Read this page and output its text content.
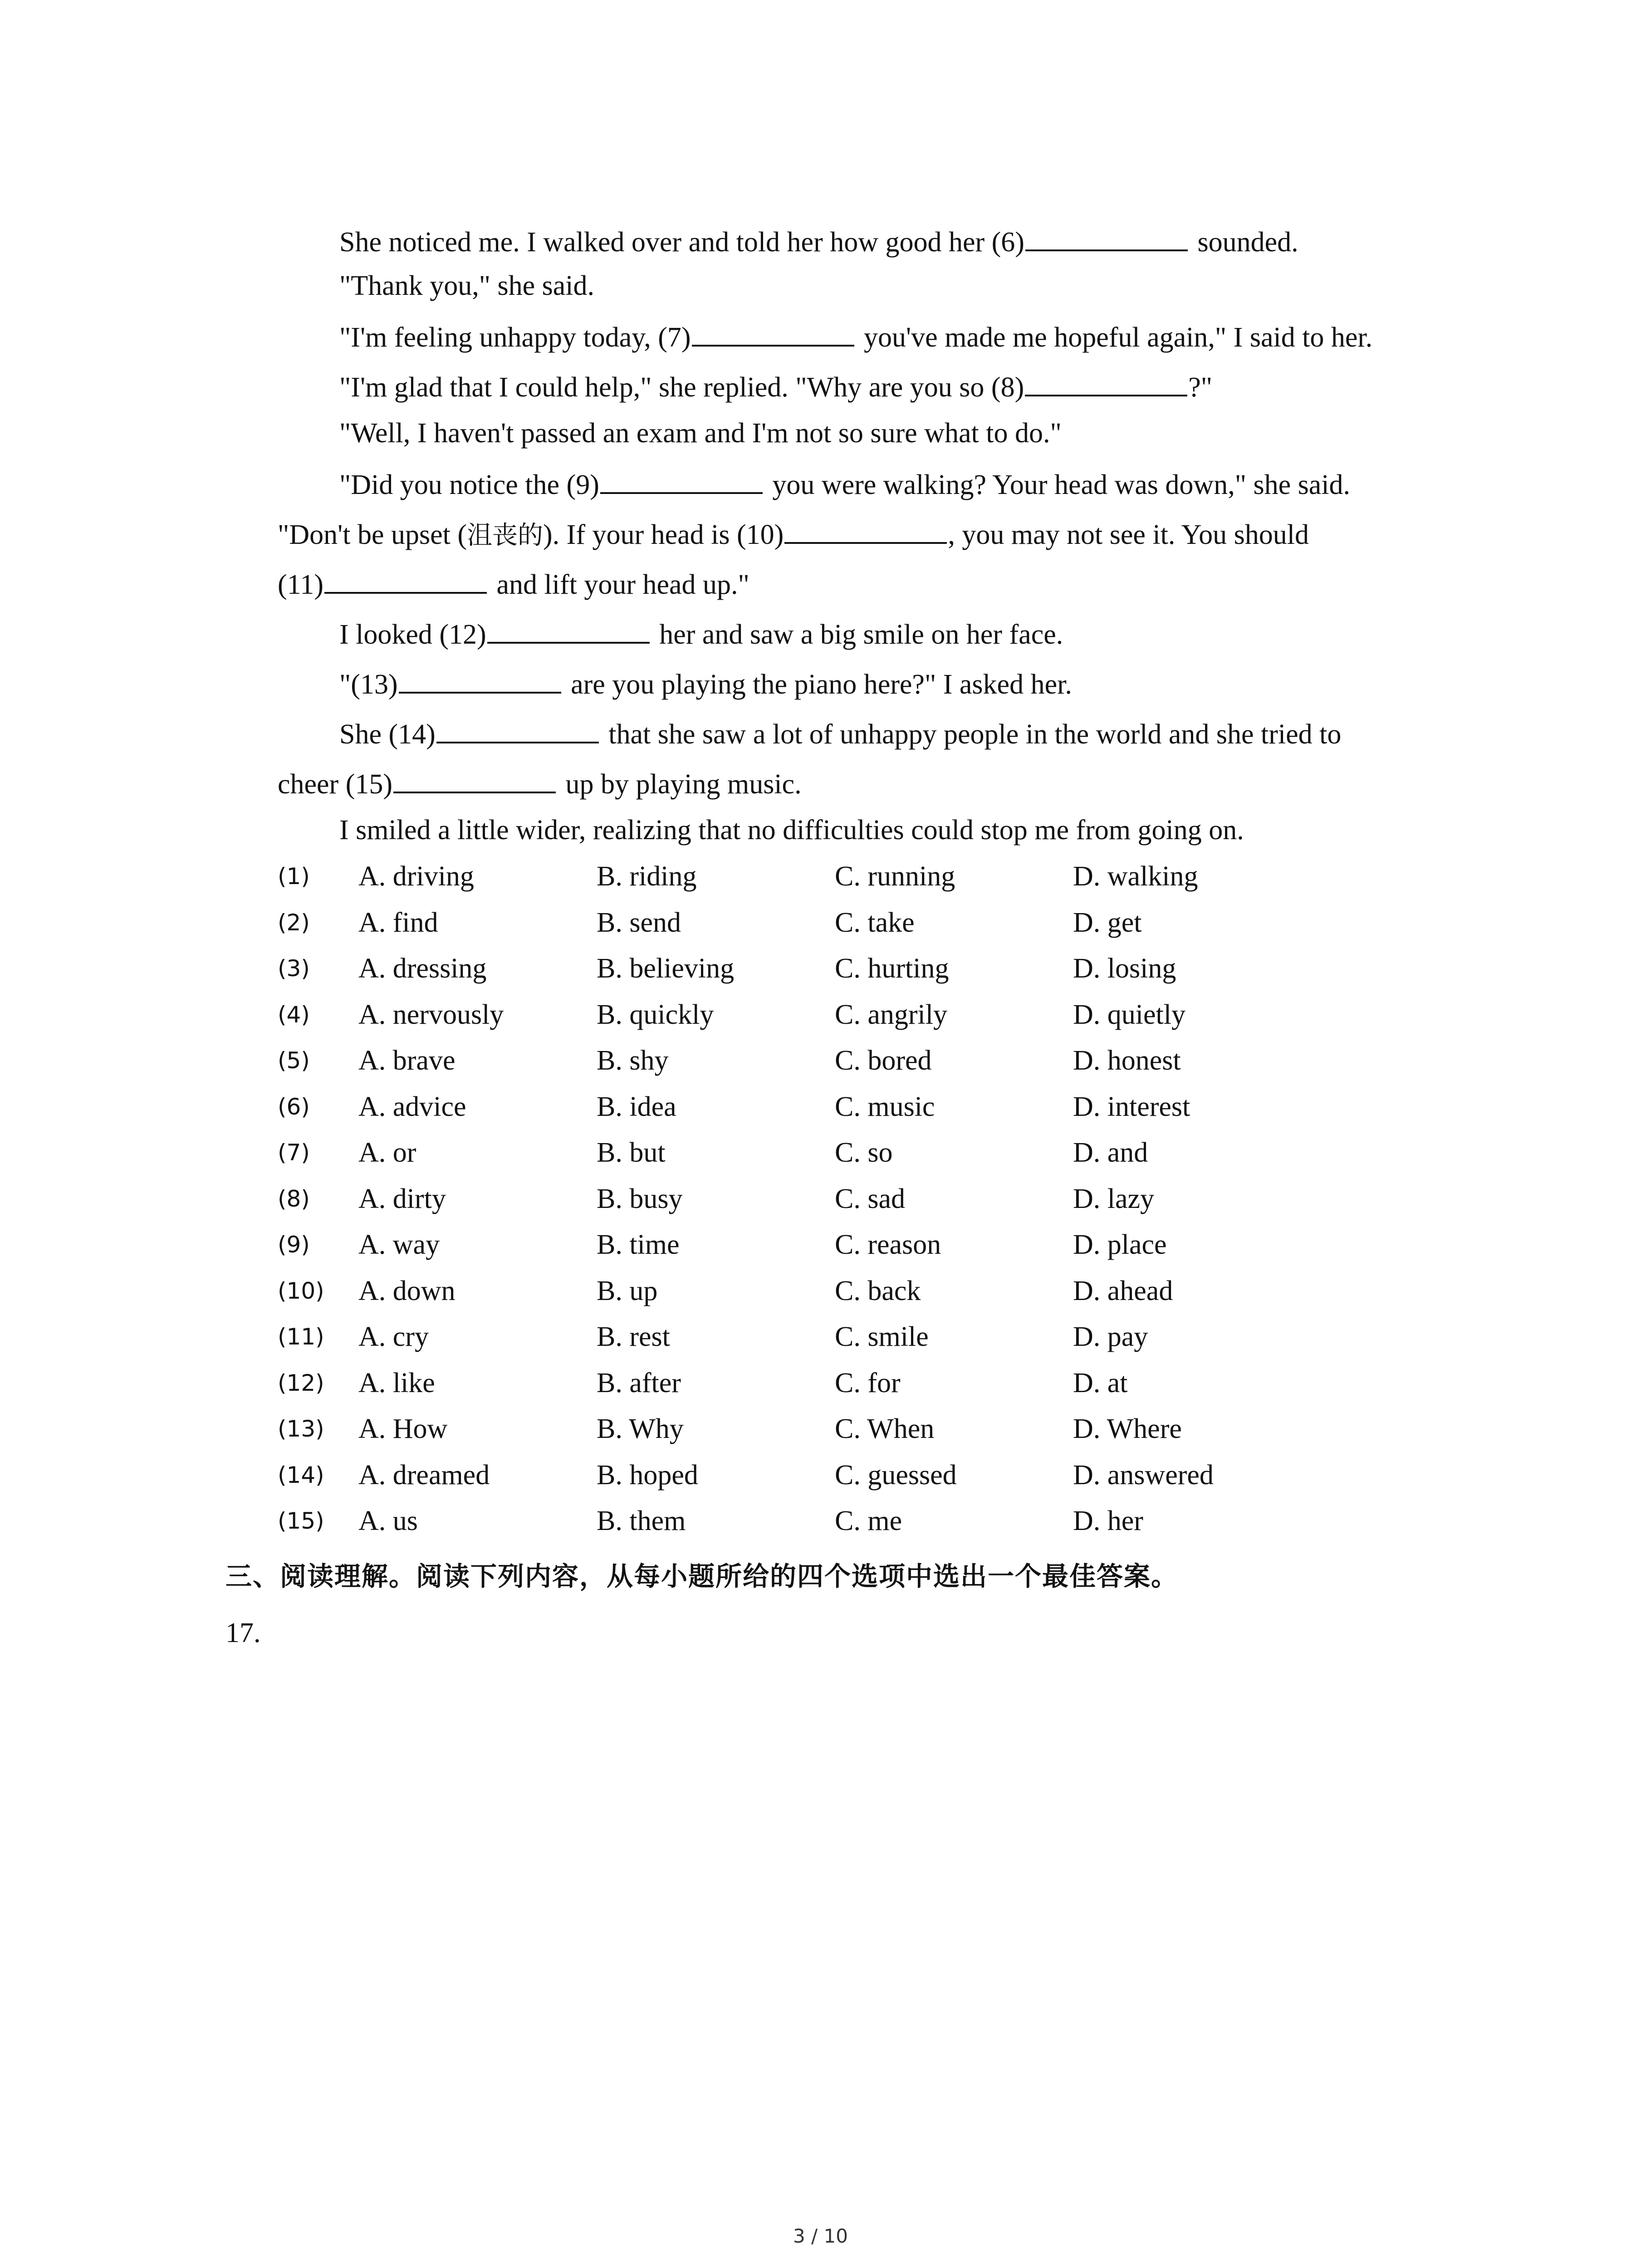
She noticed me. I walked over and told her how good her (6)	sounded.
"Thank you," she said.
"I'm feeling unhappy today, (7)	you've made me hopeful again," I said to her.
"I'm glad that I could help," she replied. "Why are you so (8)	?"
"Well, I haven't passed an exam and I'm not so sure what to do."
"Did you notice the (9)	you were walking? Your head was down," she said.
"Don't be upset (沮丧的). If your head is (10)	, you may not see it. You should
(11)	and lift your head up."
I looked (12)	her and saw a big smile on her face.
"(13)	are you playing the piano here?" I asked her.
She (14)	that she saw a lot of unhappy people in the world and she tried to
cheer (15)	up by playing music.
I smiled a little wider, realizing that no difficulties could stop me from going on.
(1) A. driving	B. riding	C. running	D. walking
(2) A. find	B. send	C. take	D. get
(3) A. dressing	B. believing	C. hurting	D. losing
(4) A. nervously	B. quickly	C. angrily	D. quietly
(5) A. brave	B. shy	C. bored	D. honest
(6) A. advice	B. idea	C. music	D. interest
(7) A. or	B. but	C. so	D. and
(8) A. dirty	B. busy	C. sad	D. lazy
(9) A. way	B. time	C. reason	D. place
(10) A. down	B. up	C. back	D. ahead
(11) A. cry	B. rest	C. smile	D. pay
(12) A. like	B. after	C. for	D. at
(13) A. How	B. Why	C. When	D. Where
(14) A. dreamed	B. hoped	C. guessed	D. answered
(15) A. us	B. them	C. me	D. her
三、阅读理解。阅读下列内容，从每小题所给的四个选项中选出一个最佳答案。
17.
3 / 10
